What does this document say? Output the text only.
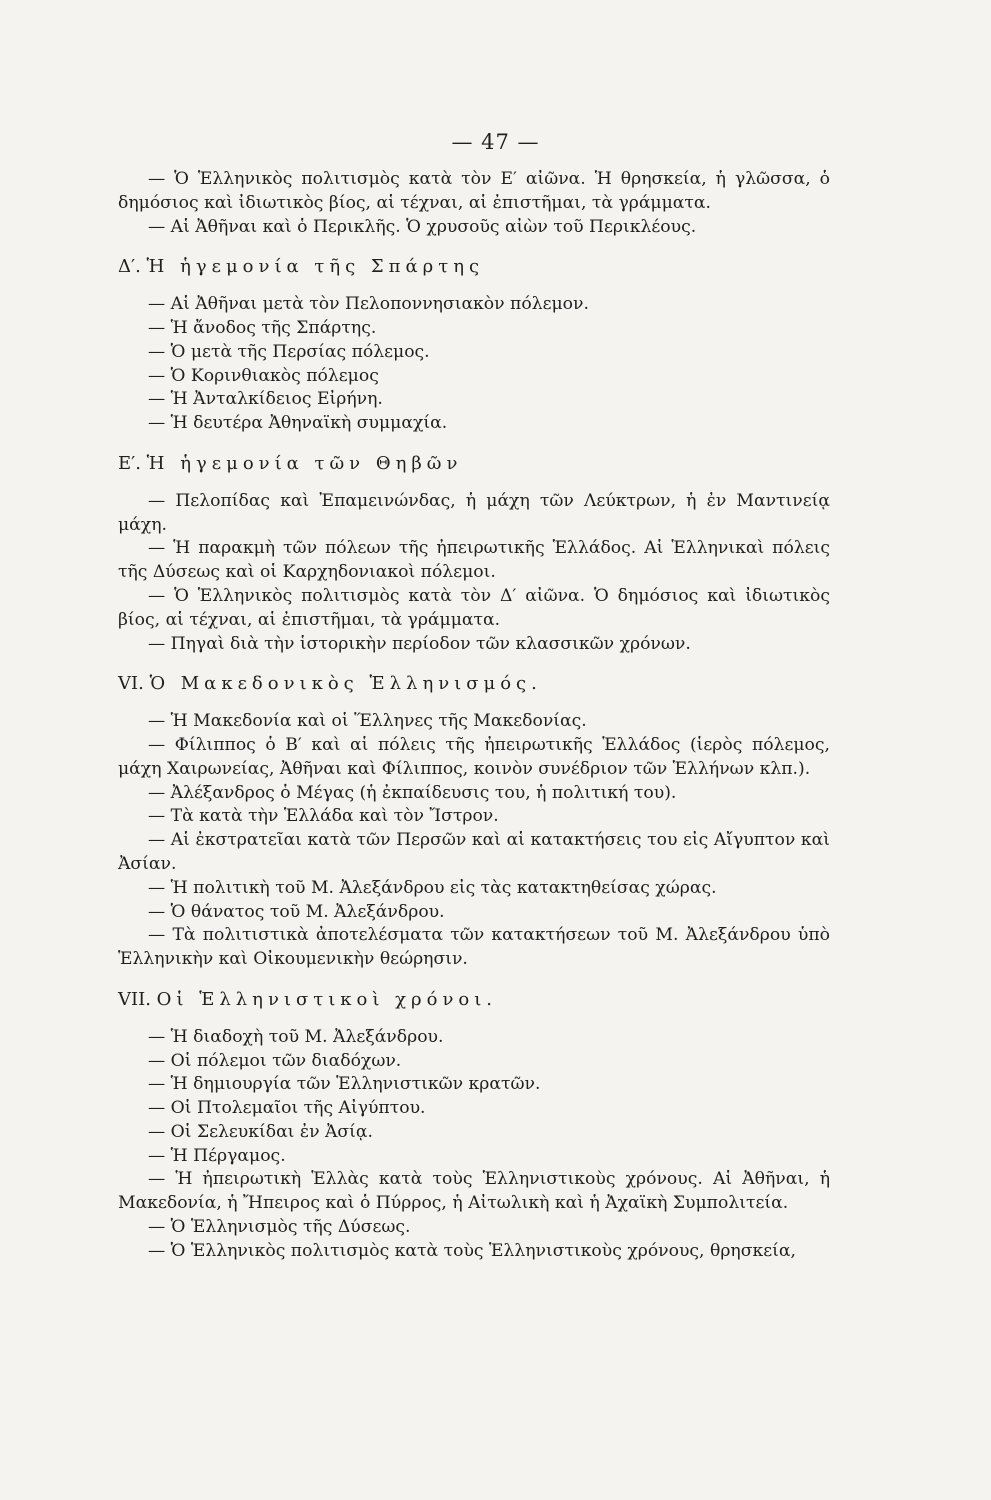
— 47 —

— Ὁ Ἑλληνικὸς πολιτισμὸς κατὰ τὸν Ε′ αἰῶνα. Ἡ θρησκεία, ἡ γλῶσσα, ὁ δημόσιος καὶ ἰδιωτικὸς βίος, αἱ τέχναι, αἱ ἐπιστῆμαι, τὰ γράμματα.

— Αἱ Ἀθῆναι καὶ ὁ Περικλῆς. Ὁ χρυσοῦς αἰὼν τοῦ Περικλέους.

Δ′. Ἡ ἡγεμονία τῆς Σπάρτης

— Αἱ Ἀθῆναι μετὰ τὸν Πελοποννησιακὸν πόλεμον.

— Ἡ ἄνοδος τῆς Σπάρτης.

— Ὁ μετὰ τῆς Περσίας πόλεμος.

— Ὁ Κορινθιακὸς πόλεμος

— Ἡ Ἀνταλκίδειος Εἰρήνη.

— Ἡ δευτέρα Ἀθηναϊκὴ συμμαχία.

Ε′. Ἡ ἡγεμονία τῶν Θηβῶν

— Πελοπίδας καὶ Ἐπαμεινώνδας, ἡ μάχη τῶν Λεύκτρων, ἡ ἐν Μαντινείᾳ μάχη.

— Ἡ παρακμὴ τῶν πόλεων τῆς ἠπειρωτικῆς Ἑλλάδος. Αἱ Ἑλληνικαὶ πόλεις τῆς Δύσεως καὶ οἱ Καρχηδονιακοὶ πόλεμοι.

— Ὁ Ἑλληνικὸς πολιτισμὸς κατὰ τὸν Δ′ αἰῶνα. Ὁ δημόσιος καὶ ἰδιωτικὸς βίος, αἱ τέχναι, αἱ ἐπιστῆμαι, τὰ γράμματα.

— Πηγαὶ διὰ τὴν ἱστορικὴν περίοδον τῶν κλασσικῶν χρόνων.

VI. Ὁ Μακεδονικὸς Ἑλληνισμός.

— Ἡ Μακεδονία καὶ οἱ Ἕλληνες τῆς Μακεδονίας.

— Φίλιππος ὁ Β′ καὶ αἱ πόλεις τῆς ἠπειρωτικῆς Ἑλλάδος (ἱερὸς πόλεμος, μάχη Χαιρωνείας, Ἀθῆναι καὶ Φίλιππος, κοινὸν συνέδριον τῶν Ἑλλήνων κλπ.).

— Ἀλέξανδρος ὁ Μέγας (ἡ ἐκπαίδευσις του, ἡ πολιτική του).

— Τὰ κατὰ τὴν Ἑλλάδα καὶ τὸν Ἴστρον.

— Αἱ ἐκστρατεῖαι κατὰ τῶν Περσῶν καὶ αἱ κατακτήσεις του εἰς Αἴγυπτον καὶ Ἀσίαν.

— Ἡ πολιτικὴ τοῦ Μ. Ἀλεξάνδρου εἰς τὰς κατακτηθείσας χώρας.

— Ὁ θάνατος τοῦ Μ. Ἀλεξάνδρου.

— Τὰ πολιτιστικὰ ἀποτελέσματα τῶν κατακτήσεων τοῦ Μ. Ἀλεξάνδρου ὑπὸ Ἑλληνικὴν καὶ Οἰκουμενικὴν θεώρησιν.

VII. Οἱ Ἑλληνιστικοὶ χρόνοι.

— Ἡ διαδοχὴ τοῦ Μ. Ἀλεξάνδρου.

— Οἱ πόλεμοι τῶν διαδόχων.

— Ἡ δημιουργία τῶν Ἑλληνιστικῶν κρατῶν.

— Οἱ Πτολεμαῖοι τῆς Αἰγύπτου.

— Οἱ Σελευκίδαι ἐν Ἀσίᾳ.

— Ἡ Πέργαμος.

— Ἡ ἠπειρωτικὴ Ἑλλὰς κατὰ τοὺς Ἑλληνιστικοὺς χρόνους. Αἱ Ἀθῆναι, ἡ Μακεδονία, ἡ Ἤπειρος καὶ ὁ Πύρρος, ἡ Αἰτωλικὴ καὶ ἡ Ἀχαϊκὴ Συμπολιτεία.

— Ὁ Ἑλληνισμὸς τῆς Δύσεως.

— Ὁ Ἑλληνικὸς πολιτισμὸς κατὰ τοὺς Ἑλληνιστικοὺς χρόνους, θρησκεία,
